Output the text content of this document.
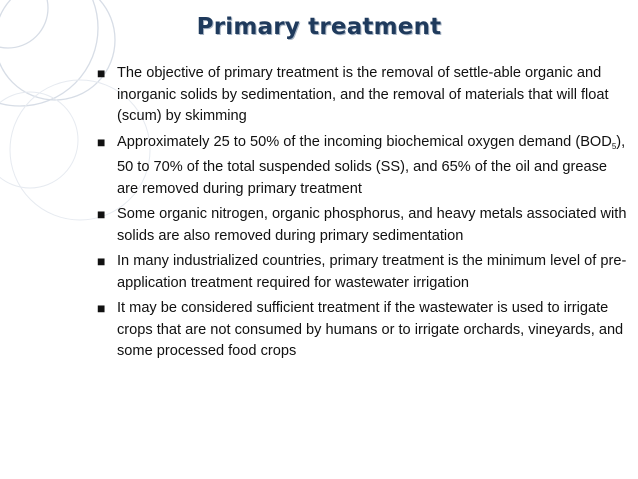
Primary treatment
■ The objective of primary treatment is the removal of settle-able organic and inorganic solids by sedimentation, and the removal of materials that will float (scum) by skimming
■ Approximately 25 to 50% of the incoming biochemical oxygen demand $(BOD_5)$, 50 to 70% of the total suspended solids (SS), and 65% of the oil and grease are removed during primary treatment
■ Some organic nitrogen, organic phosphorus, and heavy metals associated with solids are also removed during primary sedimentation
■ In many industrialized countries, primary treatment is the minimum level of pre-application treatment required for wastewater irrigation
■ It may be considered sufficient treatment if the wastewater is used to irrigate crops that are not consumed by humans or to irrigate orchards, vineyards, and some processed food crops
